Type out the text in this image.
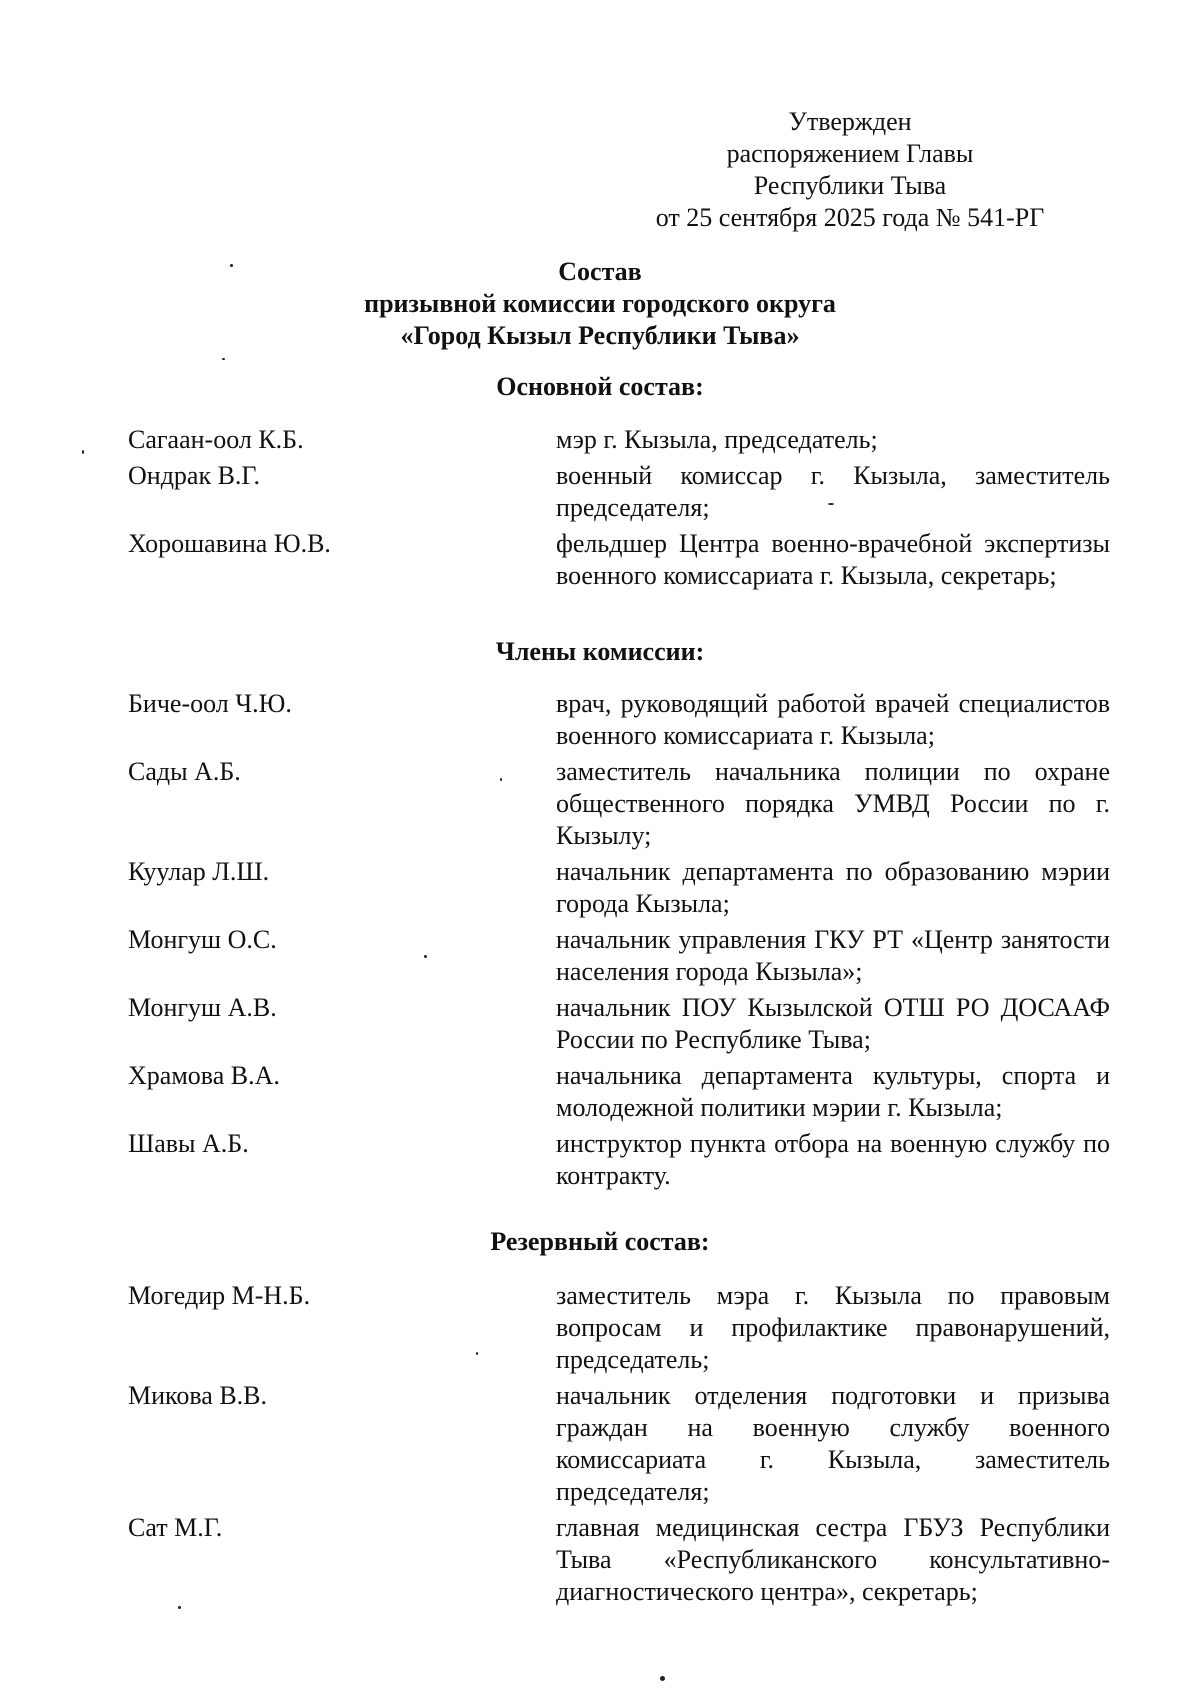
Утвержден
распоряжением Главы
Республики Тыва
от 25 сентября 2025 года № 541-РГ
Состав
призывной комиссии городского округа
«Город Кызыл Республики Тыва»
Основной состав:
Сагаан-оол К.Б.	мэр г. Кызыла, председатель;
Ондрак В.Г.	военный комиссар г. Кызыла, заместитель председателя;
Хорошавина Ю.В.	фельдшер Центра военно-врачебной экспертизы военного комиссариата г. Кызыла, секретарь;
Члены комиссии:
Биче-оол Ч.Ю.	врач, руководящий работой врачей специалистов военного комиссариата г. Кызыла;
Сады А.Б.	заместитель начальника полиции по охране общественного порядка УМВД России по г. Кызылу;
Куулар Л.Ш.	начальник департамента по образованию мэрии города Кызыла;
Монгуш О.С.	начальник управления ГКУ РТ «Центр занятости населения города Кызыла»;
Монгуш А.В.	начальник ПОУ Кызылской ОТШ РО ДОСААФ России по Республике Тыва;
Храмова В.А.	начальника департамента культуры, спорта и молодежной политики мэрии г. Кызыла;
Шавы А.Б.	инструктор пункта отбора на военную службу по контракту.
Резервный состав:
Могедир М-Н.Б.	заместитель мэра г. Кызыла по правовым вопросам и профилактике правонарушений, председатель;
Микова В.В.	начальник отделения подготовки и призыва граждан на военную службу военного комиссариата г. Кызыла, заместитель председателя;
Сат М.Г.	главная медицинская сестра ГБУЗ Республики Тыва «Республиканского консультативно-диагностического центра», секретарь;
